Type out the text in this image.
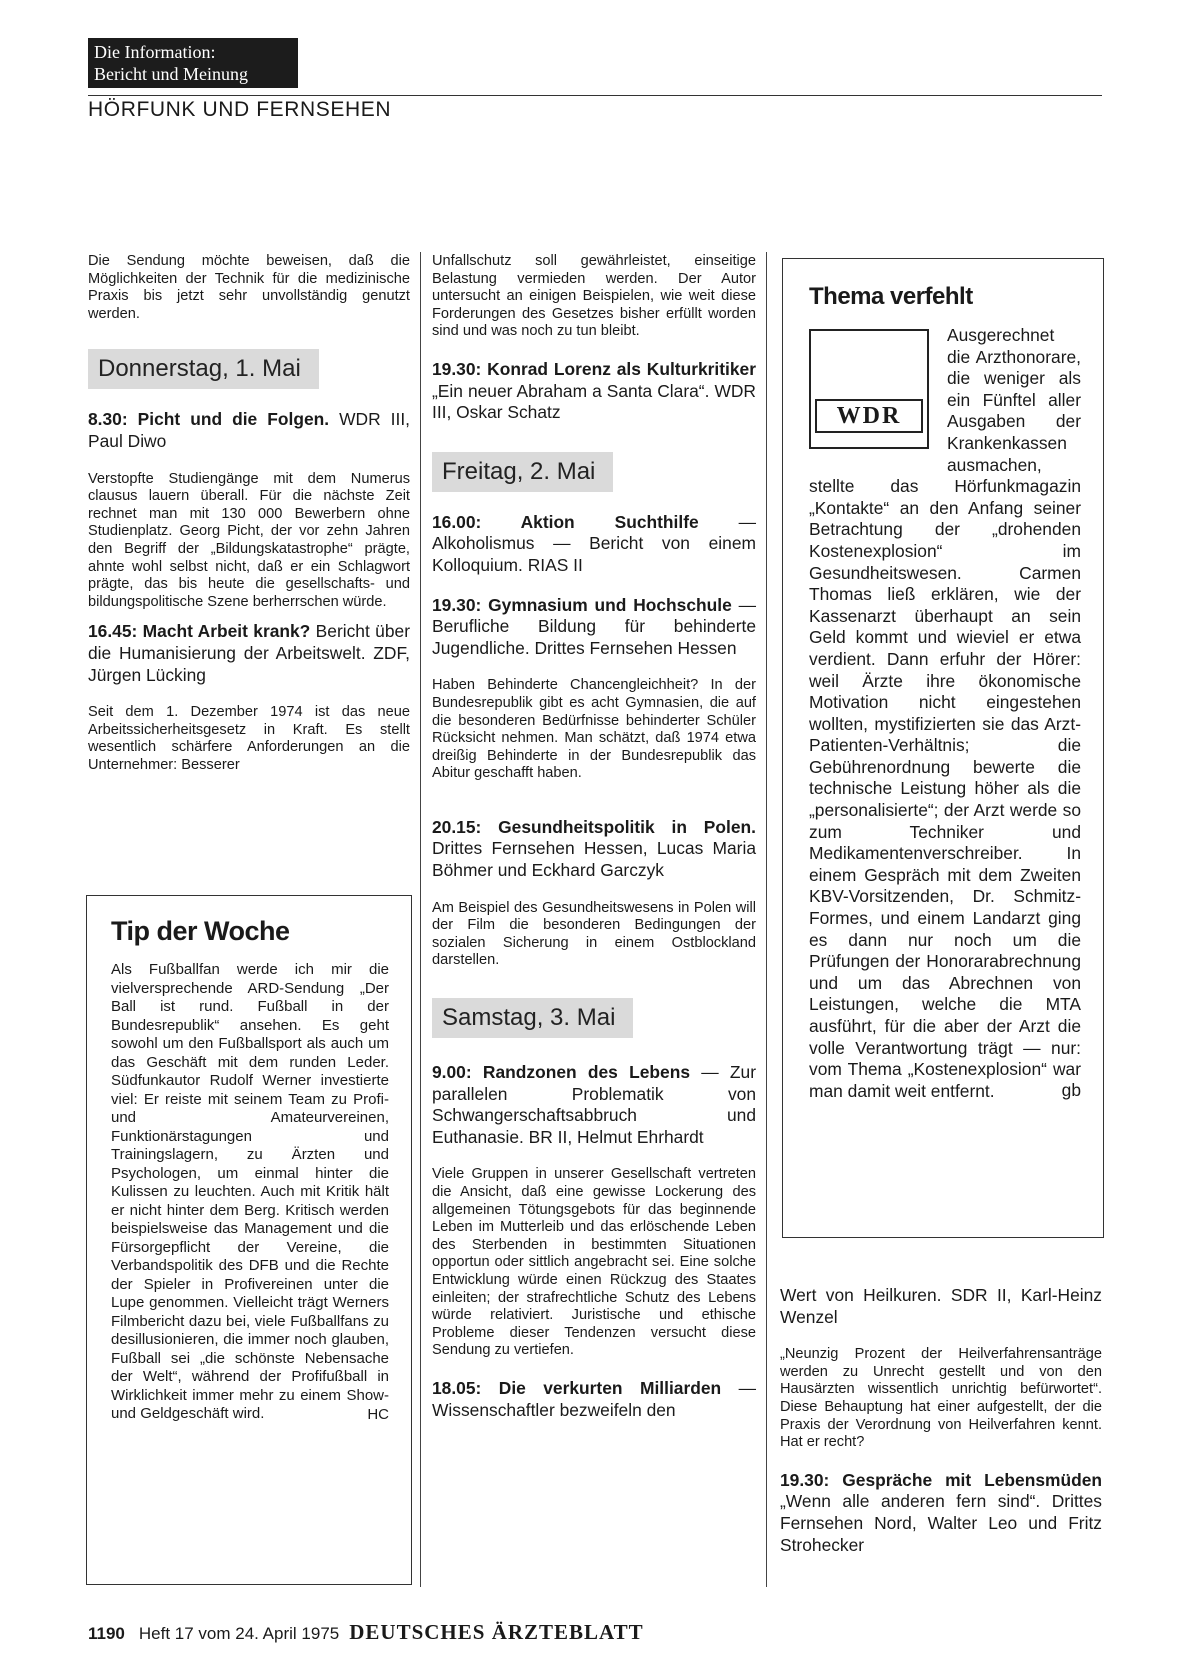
Die Information:
Bericht und Meinung
HÖRFUNK UND FERNSEHEN

Die Sendung möchte beweisen, daß die Möglichkeiten der Technik für die medizinische Praxis bis jetzt sehr unvollständig genutzt werden.

Donnerstag, 1. Mai

8.30: Picht und die Folgen. WDR III, Paul Diwo

Verstopfte Studiengänge mit dem Numerus clausus lauern überall. Für die nächste Zeit rechnet man mit 130 000 Bewerbern ohne Studienplatz. Georg Picht, der vor zehn Jahren den Begriff der „Bildungskatastrophe“ prägte, ahnte wohl selbst nicht, daß er ein Schlagwort prägte, das bis heute die gesellschafts- und bildungspolitische Szene berherrschen würde.

16.45: Macht Arbeit krank? Bericht über die Humanisierung der Arbeitswelt. ZDF, Jürgen Lücking

Seit dem 1. Dezember 1974 ist das neue Arbeitssicherheitsgesetz in Kraft. Es stellt wesentlich schärfere Anforderungen an die Unternehmer: Besserer

Tip der Woche

Als Fußballfan werde ich mir die vielversprechende ARD-Sendung „Der Ball ist rund. Fußball in der Bundesrepublik“ ansehen. Es geht sowohl um den Fußballsport als auch um das Geschäft mit dem runden Leder. Südfunkautor Rudolf Werner investierte viel: Er reiste mit seinem Team zu Profi- und Amateurvereinen, Funktionärstagungen und Trainingslagern, zu Ärzten und Psychologen, um einmal hinter die Kulissen zu leuchten. Auch mit Kritik hält er nicht hinter dem Berg. Kritisch werden beispielsweise das Management und die Fürsorgepflicht der Vereine, die Verbandspolitik des DFB und die Rechte der Spieler in Profivereinen unter die Lupe genommen. Vielleicht trägt Werners Filmbericht dazu bei, viele Fußballfans zu desillusionieren, die immer noch glauben, Fußball sei „die schönste Nebensache der Welt“, während der Profifußball in Wirklichkeit immer mehr zu einem Show- und Geldgeschäft wird.	HC

Unfallschutz soll gewährleistet, einseitige Belastung vermieden werden. Der Autor untersucht an einigen Beispielen, wie weit diese Forderungen des Gesetzes bisher erfüllt worden sind und was noch zu tun bleibt.

19.30: Konrad Lorenz als Kulturkritiker „Ein neuer Abraham a Santa Clara“. WDR III, Oskar Schatz

Freitag, 2. Mai

16.00: Aktion Suchthilfe — Alkoholismus — Bericht von einem Kolloquium. RIAS II

19.30: Gymnasium und Hochschule — Berufliche Bildung für behinderte Jugendliche. Drittes Fernsehen Hessen

Haben Behinderte Chancengleichheit? In der Bundesrepublik gibt es acht Gymnasien, die auf die besonderen Bedürfnisse behinderter Schüler Rücksicht nehmen. Man schätzt, daß 1974 etwa dreißig Behinderte in der Bundesrepublik das Abitur geschafft haben.

20.15: Gesundheitspolitik in Polen. Drittes Fernsehen Hessen, Lucas Maria Böhmer und Eckhard Garczyk

Am Beispiel des Gesundheitswesens in Polen will der Film die besonderen Bedingungen der sozialen Sicherung in einem Ostblockland darstellen.

Samstag, 3. Mai

9.00: Randzonen des Lebens — Zur parallelen Problematik von Schwangerschaftsabbruch und Euthanasie. BR II, Helmut Ehrhardt

Viele Gruppen in unserer Gesellschaft vertreten die Ansicht, daß eine gewisse Lockerung des allgemeinen Tötungsgebots für das beginnende Leben im Mutterleib und das erlöschende Leben des Sterbenden in bestimmten Situationen opportun oder sittlich angebracht sei. Eine solche Entwicklung würde einen Rückzug des Staates einleiten; der strafrechtliche Schutz des Lebens würde relativiert. Juristische und ethische Probleme dieser Tendenzen versucht diese Sendung zu vertiefen.

18.05: Die verkurten Milliarden — Wissenschaftler bezweifeln den

Thema verfehlt
WDR

Ausgerechnet die Arzthonorare, die weniger als ein Fünftel aller Ausgaben der Krankenkassen ausmachen, stellte das Hörfunkmagazin „Kontakte“ an den Anfang seiner Betrachtung der „drohenden Kostenexplosion“ im Gesundheitswesen. Carmen Thomas ließ erklären, wie der Kassenarzt überhaupt an sein Geld kommt und wieviel er etwa verdient. Dann erfuhr der Hörer: weil Ärzte ihre ökonomische Motivation nicht eingestehen wollten, mystifizierten sie das Arzt-Patienten-Verhältnis; die Gebührenordnung bewerte die technische Leistung höher als die „personalisierte“; der Arzt werde so zum Techniker und Medikamentenverschreiber. In einem Gespräch mit dem Zweiten KBV-Vorsitzenden, Dr. Schmitz-Formes, und einem Landarzt ging es dann nur noch um die Prüfungen der Honorarabrechnung und um das Abrechnen von Leistungen, welche die MTA ausführt, für die aber der Arzt die volle Verantwortung trägt — nur: vom Thema „Kostenexplosion“ war man damit weit entfernt.	gb

Wert von Heilkuren. SDR II, Karl-Heinz Wenzel

„Neunzig Prozent der Heilverfahrensanträge werden zu Unrecht gestellt und von den Hausärzten wissentlich unrichtig befürwortet“. Diese Behauptung hat einer aufgestellt, der die Praxis der Verordnung von Heilverfahren kennt. Hat er recht?

19.30: Gespräche mit Lebensmüden „Wenn alle anderen fern sind“. Drittes Fernsehen Nord, Walter Leo und Fritz Strohecker

1190 Heft 17 vom 24. April 1975 DEUTSCHES ÄRZTEBLATT
